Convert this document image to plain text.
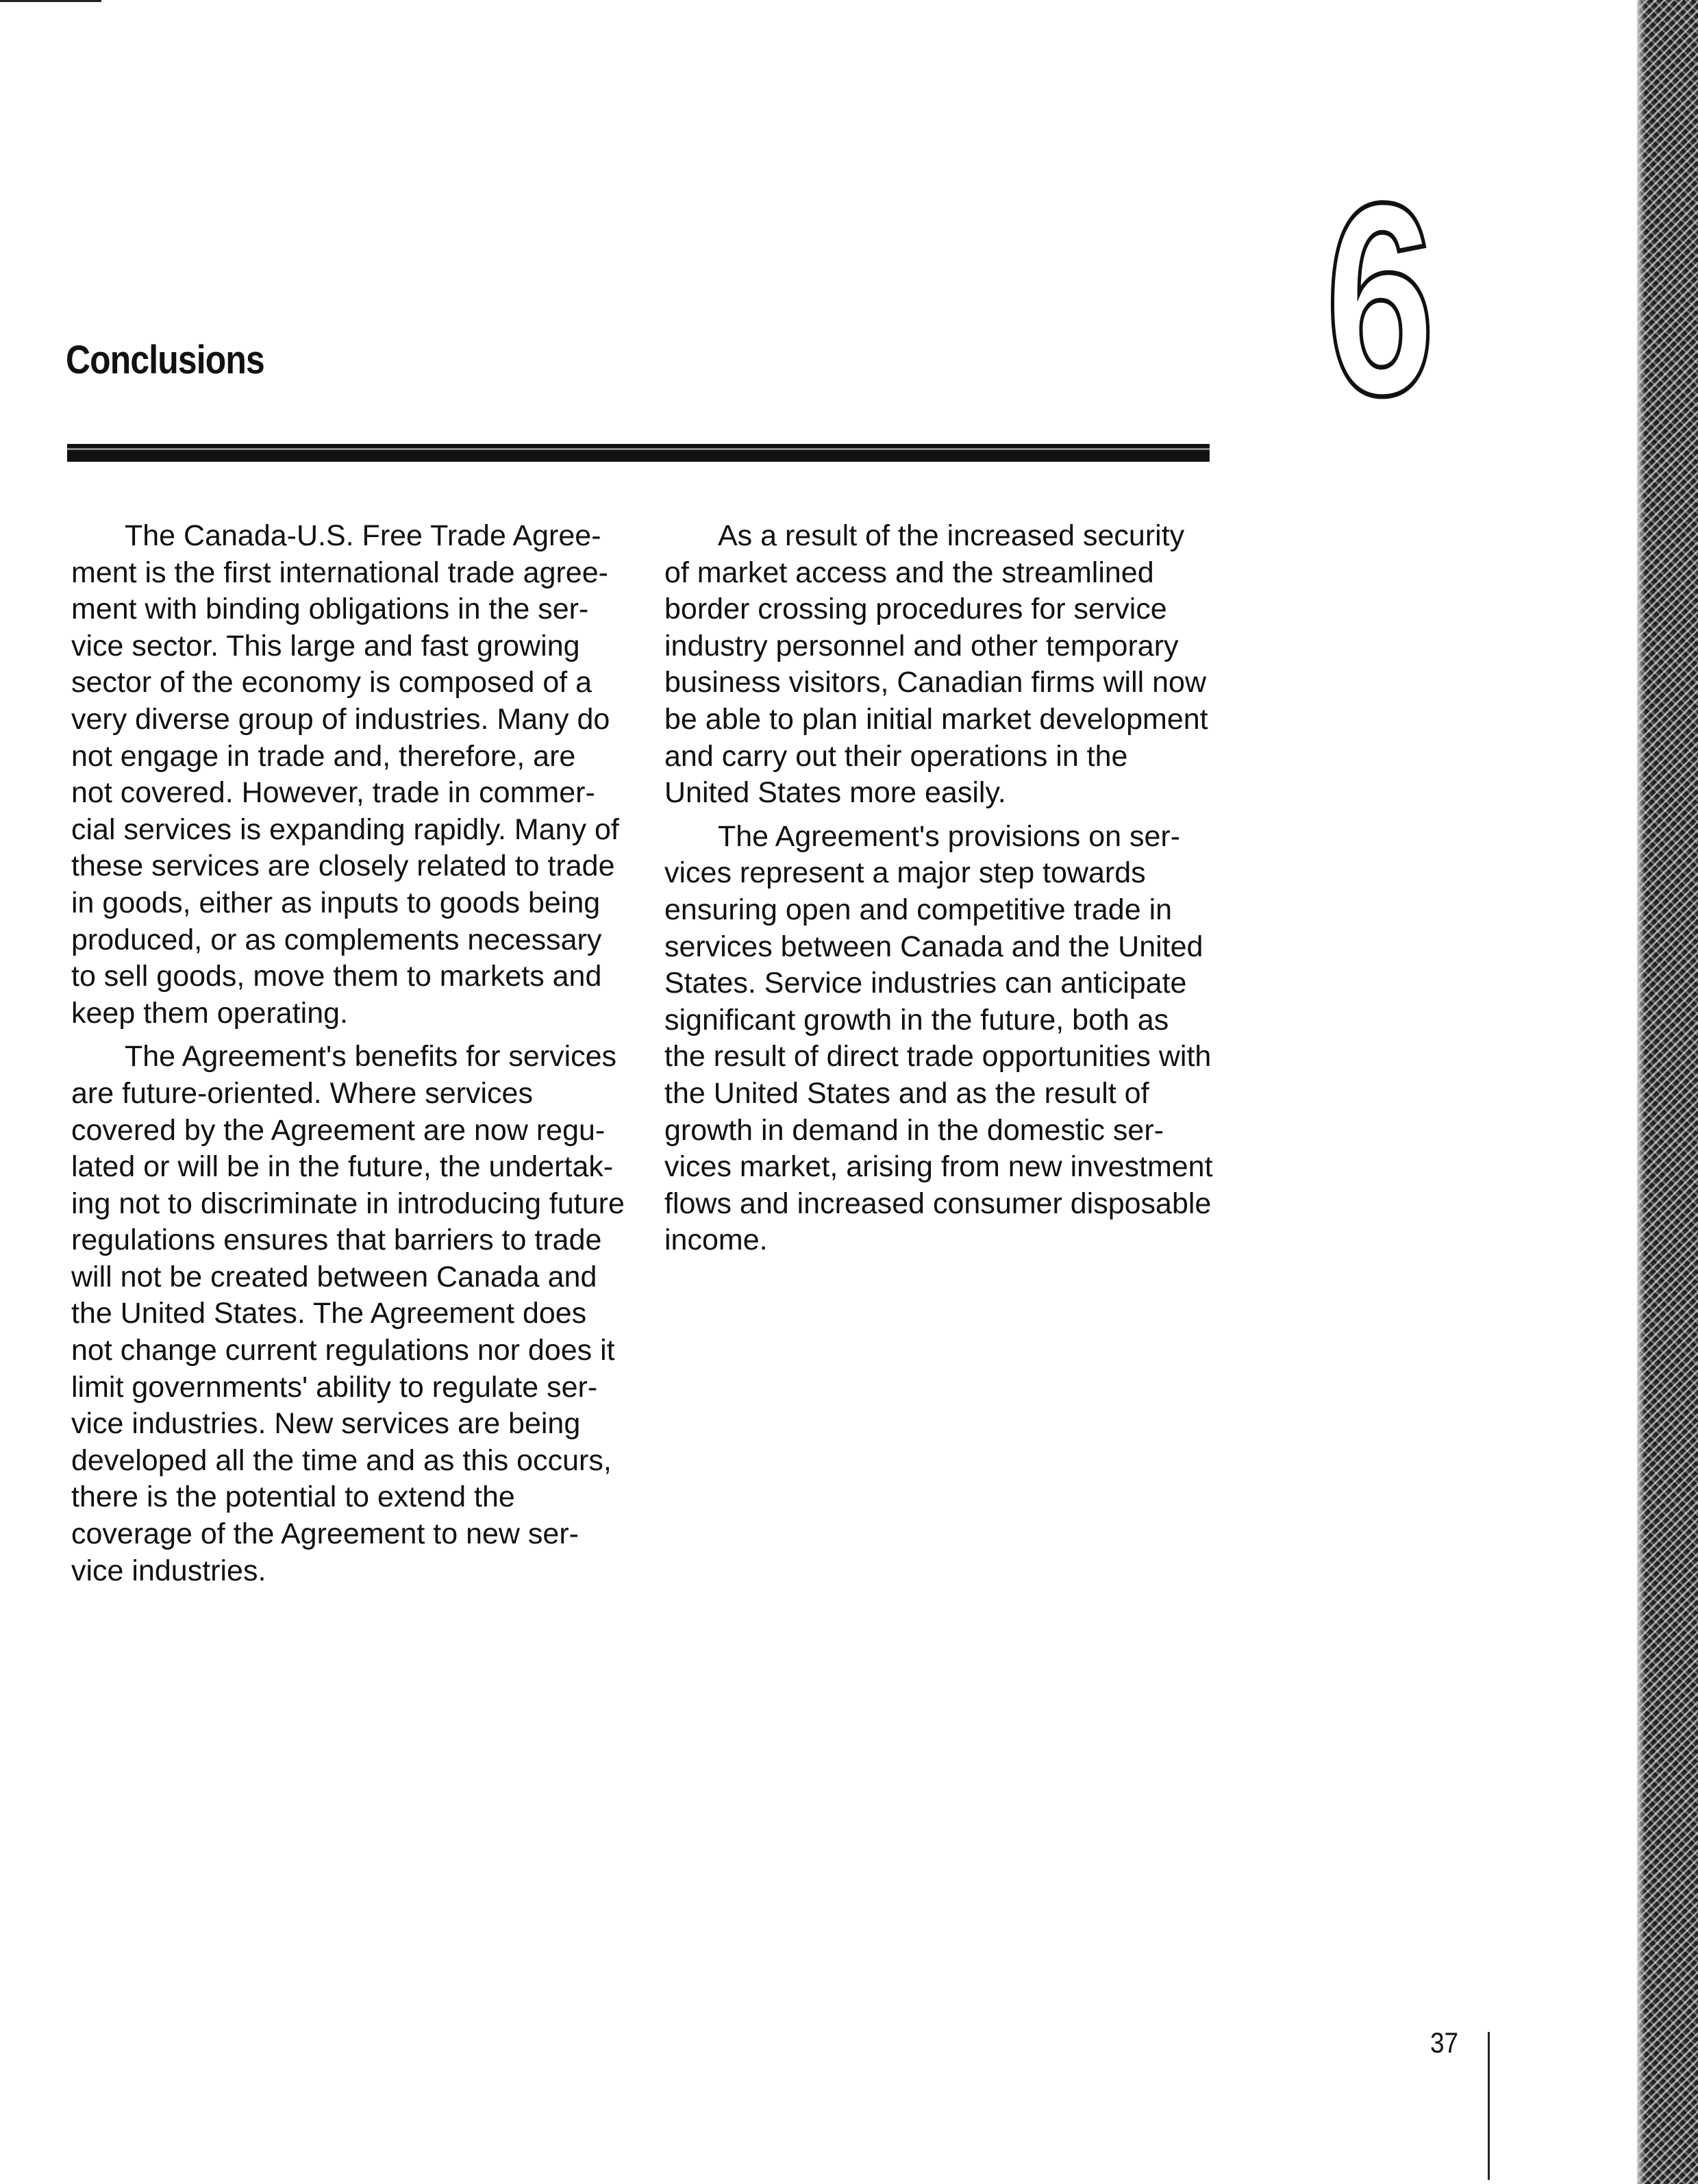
Conclusions	6

The Canada-U.S. Free Trade Agree-
ment is the first international trade agree-
ment with binding obligations in the ser-
vice sector. This large and fast growing
sector of the economy is composed of a
very diverse group of industries. Many do
not engage in trade and, therefore, are
not covered. However, trade in commer-
cial services is expanding rapidly. Many of
these services are closely related to trade
in goods, either as inputs to goods being
produced, or as complements necessary
to sell goods, move them to markets and
keep them operating.

The Agreement's benefits for services
are future-oriented. Where services
covered by the Agreement are now regu-
lated or will be in the future, the undertak-
ing not to discriminate in introducing future
regulations ensures that barriers to trade
will not be created between Canada and
the United States. The Agreement does
not change current regulations nor does it
limit governments' ability to regulate ser-
vice industries. New services are being
developed all the time and as this occurs,
there is the potential to extend the
coverage of the Agreement to new ser-
vice industries.

As a result of the increased security
of market access and the streamlined
border crossing procedures for service
industry personnel and other temporary
business visitors, Canadian firms will now
be able to plan initial market development
and carry out their operations in the
United States more easily.

The Agreement's provisions on ser-
vices represent a major step towards
ensuring open and competitive trade in
services between Canada and the United
States. Service industries can anticipate
significant growth in the future, both as
the result of direct trade opportunities with
the United States and as the result of
growth in demand in the domestic ser-
vices market, arising from new investment
flows and increased consumer disposable
income.

37
